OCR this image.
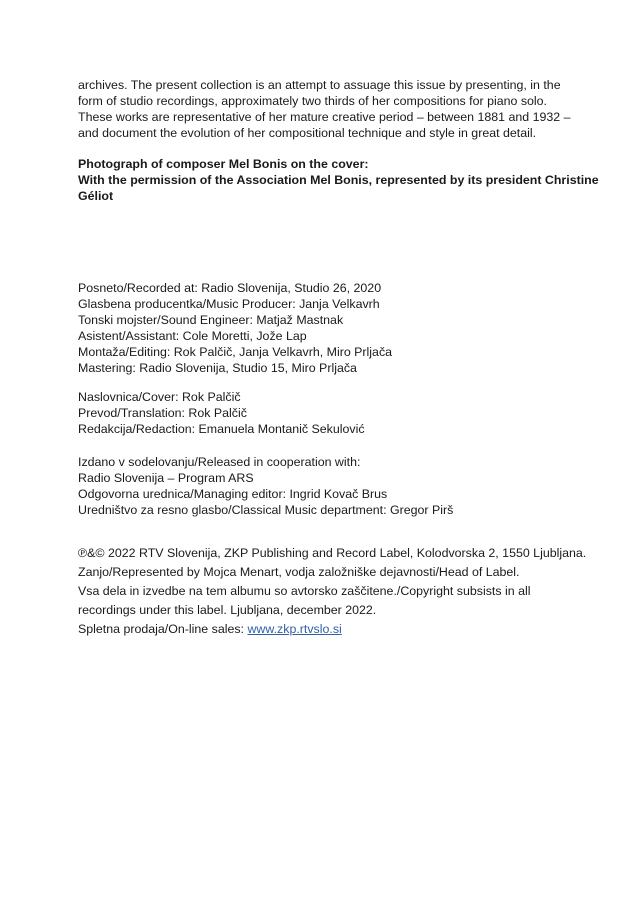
archives. The present collection is an attempt to assuage this issue by presenting, in the
form of studio recordings, approximately two thirds of her compositions for piano solo.
These works are representative of her mature creative period – between 1881 and 1932 –
and document the evolution of her compositional technique and style in great detail.
Photograph of composer Mel Bonis on the cover:
With the permission of the Association Mel Bonis, represented by its president Christine
Géliot
Posneto/Recorded at: Radio Slovenija, Studio 26, 2020
Glasbena producentka/Music Producer: Janja Velkavrh
Tonski mojster/Sound Engineer: Matjaž Mastnak
Asistent/Assistant: Cole Moretti, Jože Lap
Montaža/Editing: Rok Palčič, Janja Velkavrh, Miro Prljača
Mastering: Radio Slovenija, Studio 15, Miro Prljača
Naslovnica/Cover: Rok Palčič
Prevod/Translation: Rok Palčič
Redakcija/Redaction: Emanuela Montanič Sekulović
Izdano v sodelovanju/Released in cooperation with:
Radio Slovenija – Program ARS
Odgovorna urednica/Managing editor: Ingrid Kovač Brus
Uredništvo za resno glasbo/Classical Music department: Gregor Pirš
℗&© 2022 RTV Slovenija, ZKP Publishing and Record Label, Kolodvorska 2, 1550 Ljubljana.
Zanjo/Represented by Mojca Menart, vodja založniške dejavnosti/Head of Label.
Vsa dela in izvedbe na tem albumu so avtorsko zaščitene./Copyright subsists in all
recordings under this label. Ljubljana, december 2022.
Spletna prodaja/On-line sales: www.zkp.rtvslo.si
